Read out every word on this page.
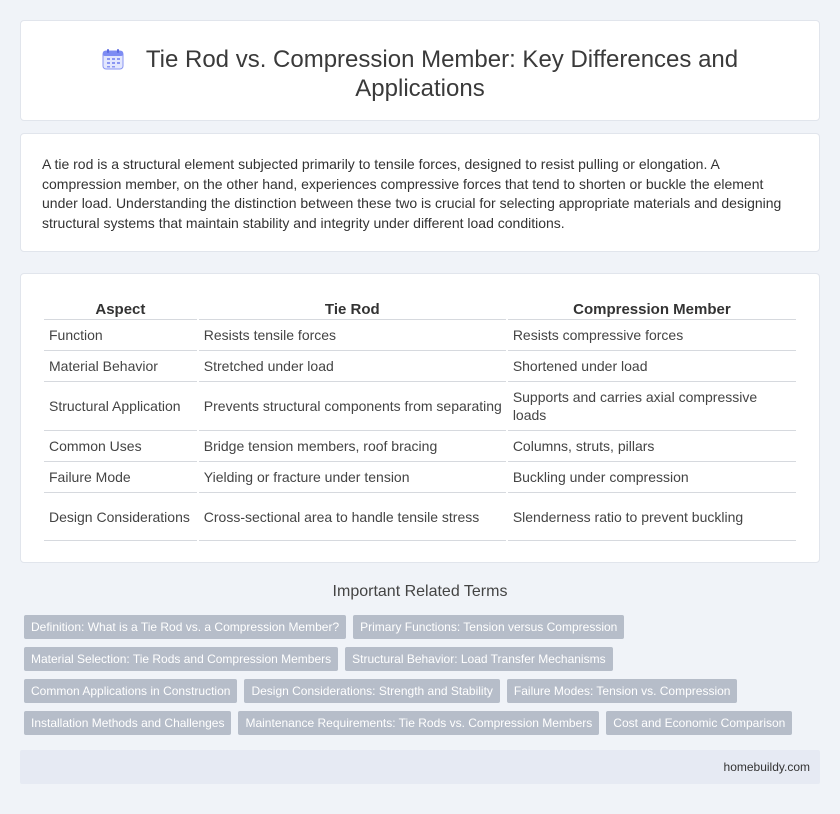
Tie Rod vs. Compression Member: Key Differences and Applications

A tie rod is a structural element subjected primarily to tensile forces, designed to resist pulling or elongation. A compression member, on the other hand, experiences compressive forces that tend to shorten or buckle the element under load. Understanding the distinction between these two is crucial for selecting appropriate materials and designing structural systems that maintain stability and integrity under different load conditions.

Aspect	Tie Rod	Compression Member
Function	Resists tensile forces	Resists compressive forces
Material Behavior	Stretched under load	Shortened under load
Structural Application	Prevents structural components from separating	Supports and carries axial compressive loads
Common Uses	Bridge tension members, roof bracing	Columns, struts, pillars
Failure Mode	Yielding or fracture under tension	Buckling under compression
Design Considerations	Cross-sectional area to handle tensile stress	Slenderness ratio to prevent buckling
Important Related Terms
Definition: What is a Tie Rod vs. a Compression Member?	Primary Functions: Tension versus Compression
Material Selection: Tie Rods and Compression Members	Structural Behavior: Load Transfer Mechanisms
Common Applications in Construction	Design Considerations: Strength and Stability	Failure Modes: Tension vs. Compression
Installation Methods and Challenges	Maintenance Requirements: Tie Rods vs. Compression Members	Cost and Economic Comparison
homebuildy.com
